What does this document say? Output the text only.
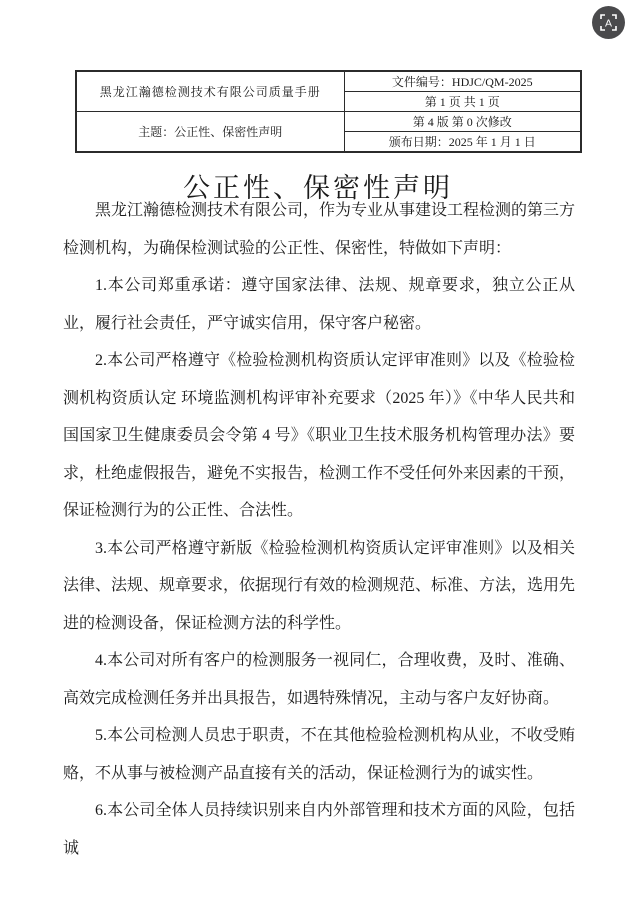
A
黑龙江瀚德检测技术有限公司质量手册	文件编号：HDJC/QM-2025
	第 1 页 共 1 页
主题：公正性、保密性声明	第 4 版 第 0 次修改
	颁布日期：2025 年 1 月 1 日
公正性、保密性声明

黑龙江瀚德检测技术有限公司，作为专业从事建设工程检测的第三方检测机构，为确保检测试验的公正性、保密性，特做如下声明：

1.本公司郑重承诺：遵守国家法律、法规、规章要求，独立公正从业，履行社会责任，严守诚实信用，保守客户秘密。

2.本公司严格遵守《检验检测机构资质认定评审准则》以及《检验检测机构资质认定 环境监测机构评审补充要求（2025 年）》《中华人民共和国国家卫生健康委员会令第 4 号》《职业卫生技术服务机构管理办法》要求，杜绝虚假报告，避免不实报告，检测工作不受任何外来因素的干预，保证检测行为的公正性、合法性。

3.本公司严格遵守新版《检验检测机构资质认定评审准则》以及相关法律、法规、规章要求，依据现行有效的检测规范、标准、方法，选用先进的检测设备，保证检测方法的科学性。

4.本公司对所有客户的检测服务一视同仁，合理收费，及时、准确、高效完成检测任务并出具报告，如遇特殊情况，主动与客户友好协商。

5.本公司检测人员忠于职责，不在其他检验检测机构从业，不收受贿赂，不从事与被检测产品直接有关的活动，保证检测行为的诚实性。

6.本公司全体人员持续识别来自内外部管理和技术方面的风险，包括诚
